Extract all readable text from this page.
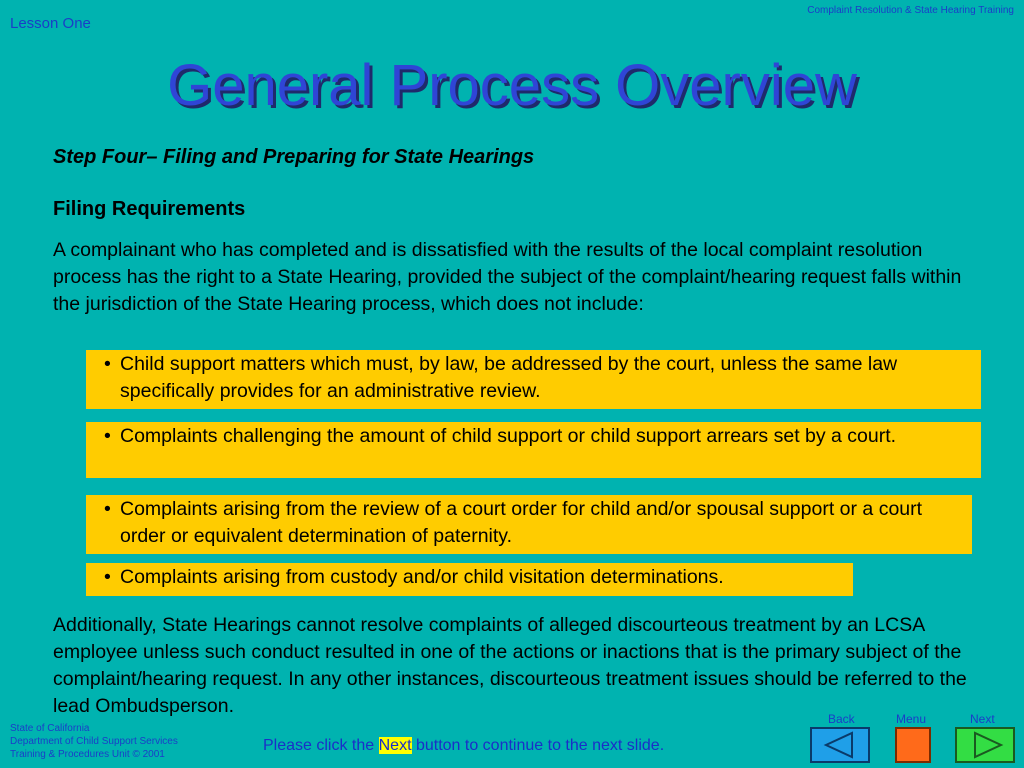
Lesson One
Complaint Resolution & State Hearing Training
General Process Overview
Step Four– Filing and Preparing for State Hearings
Filing Requirements
A complainant who has completed and is dissatisfied with the results of the local complaint resolution process has the right to a State Hearing, provided the subject of the complaint/hearing request falls within the jurisdiction of the State Hearing process, which does not include:
• Child support matters which must, by law, be addressed by the court, unless the same law specifically provides for an administrative review.
• Complaints challenging the amount of child support or child support arrears set by a court.
• Complaints arising from the review of a court order for child and/or spousal support or a court order or equivalent determination of paternity.
• Complaints arising from custody and/or child visitation determinations.
Additionally, State Hearings cannot resolve complaints of alleged discourteous treatment by an LCSA employee unless such conduct resulted in one of the actions or inactions that is the primary subject of the complaint/hearing request. In any other instances, discourteous treatment issues should be referred to the lead Ombudsperson.
State of California
Department of Child Support Services
Training & Procedures Unit © 2001
Please click the Next button to continue to the next slide.
Back	Menu	Next
